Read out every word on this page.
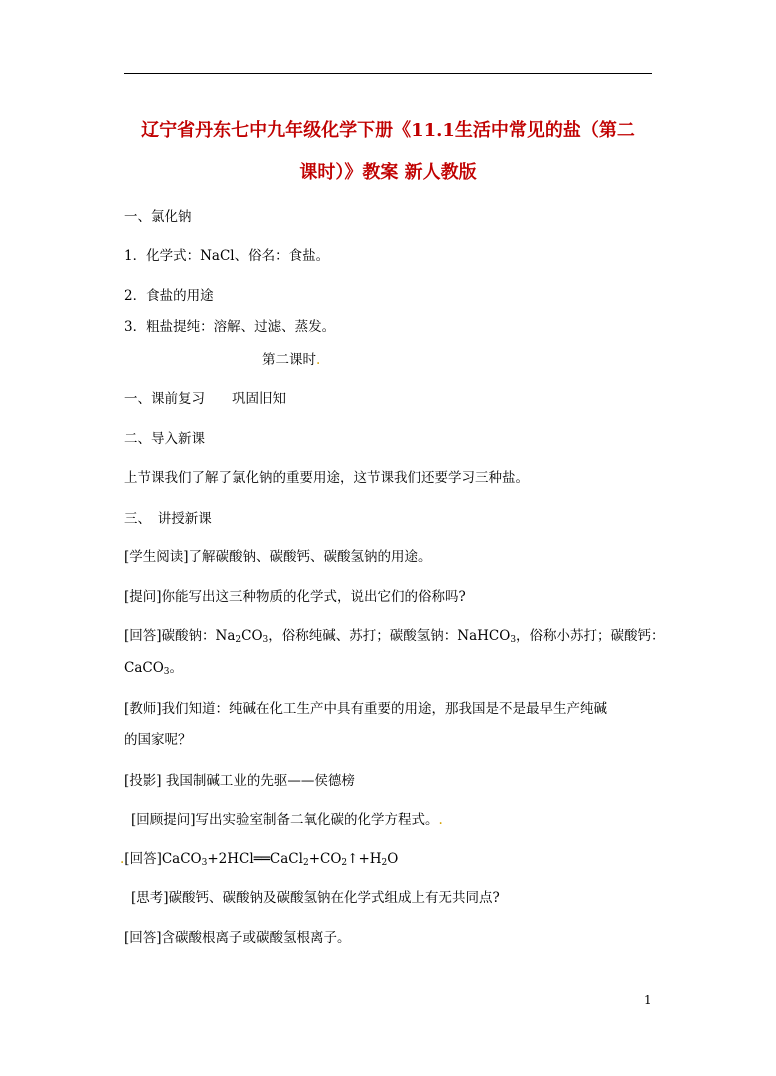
辽宁省丹东七中九年级化学下册《11.1生活中常见的盐（第二
课时）》教案 新人教版
一、氯化钠
1．化学式：NaCl、俗名：食盐。
2．食盐的用途
3．粗盐提纯：溶解、过滤、蒸发。
第二课时.
一、课前复习　　巩固旧知
二、导入新课
上节课我们了解了氯化钠的重要用途，这节课我们还要学习三种盐。
三、　讲授新课
[学生阅读]了解碳酸钠、碳酸钙、碳酸氢钠的用途。
[提问]你能写出这三种物质的化学式，说出它们的俗称吗?
[回答]碳酸钠：$Na_2CO_3$，俗称纯碱、苏打；碳酸氢钠：NaHCO$_3$，俗称小苏打；碳酸钙：
CaCO$_3$。
[教师]我们知道：纯碱在化工生产中具有重要的用途，那我国是不是最早生产纯碱
的国家呢？
[投影] 我国制碱工业的先驱——侯德榜
[回顾提问]写出实验室制备二氧化碳的化学方程式。.
.[回答]$CaCO_3+2HCl══CaCl_2+CO_2↑+H_2O$
[思考]碳酸钙、碳酸钠及碳酸氢钠在化学式组成上有无共同点?
[回答]含碳酸根离子或碳酸氢根离子。
1
